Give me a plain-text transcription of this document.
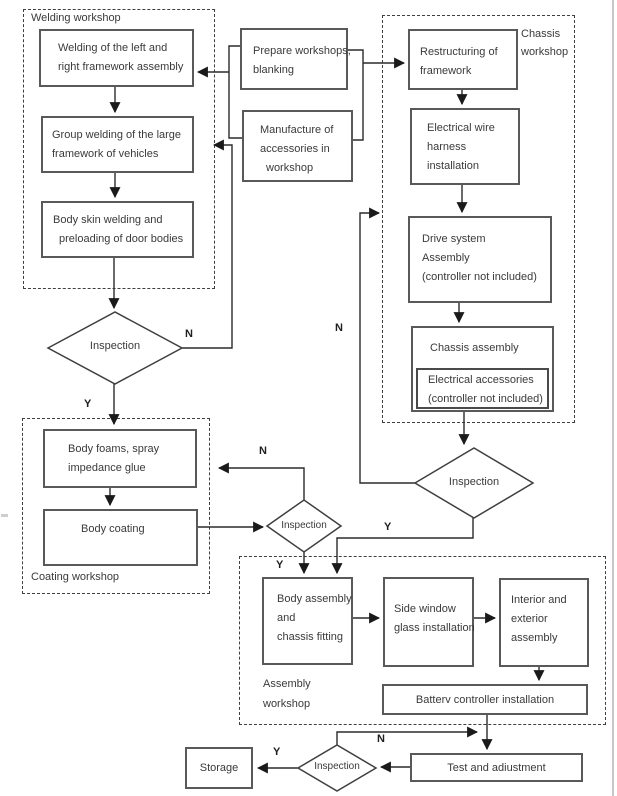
Welding workshop
Chassis
workshop
Coating workshop
Assembly
workshop
Welding of the left and
right framework assembly
Group welding of the large
framework of vehicles
Body skin welding and
preloading of door bodies
Prepare workshops,
blanking
Manufacture of
accessories in
workshop
Restructuring of
framework
Electrical wire
harness
installation
Drive system
Assembly
(controller not included)
Chassis assembly
Electrical accessories
(controller not included)
Body foams, spray
impedance glue
Body coating
Body assembly
and
chassis fitting
Side window
glass installation
Interior and
exterior
assembly
Batterv controller installation
Test and adiustment
Storage
Inspection
Inspection
Inspection
Inspection
N
Y
N
Y
N
Y
N
Y
